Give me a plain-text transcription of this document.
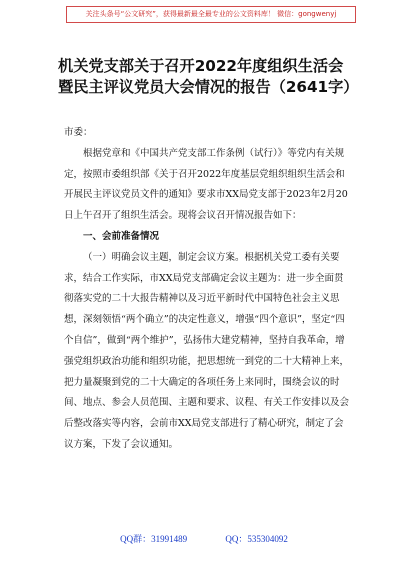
关注头条号“公文研究”，获得最新最全最专业的公文资料库！ 微信：gongwenyj
机关党支部关于召开2022年度组织生活会暨民主评议党员大会情况的报告（2641字）

市委：

根据党章和《中国共产党支部工作条例（试行）》等党内有关规定，按照市委组织部《关于召开2022年度基层党组织组织生活会和开展民主评议党员文件的通知》要求市XX局党支部于2023年2月20日上午召开了组织生活会。现将会议召开情况报告如下：

一、会前准备情况

（一）明确会议主题，制定会议方案。根据机关党工委有关要求，结合工作实际，市XX局党支部确定会议主题为：进一步全面贯彻落实党的二十大报告精神以及习近平新时代中国特色社会主义思想，深刻领悟“两个确立”的决定性意义，增强“四个意识”，坚定“四个自信”，做到“两个维护”，弘扬伟大建党精神，坚持自我革命，增强党组织政治功能和组织功能，把思想统一到党的二十大精神上来，把力量凝聚到党的二十大确定的各项任务上来同时，围绕会议的时间、地点、参会人员范围、主题和要求、议程、有关工作安排以及会后整改落实等内容，会前市XX局党支部进行了精心研究，制定了会议方案，下发了会议通知。

QQ群：31991489	QQ：535304092
